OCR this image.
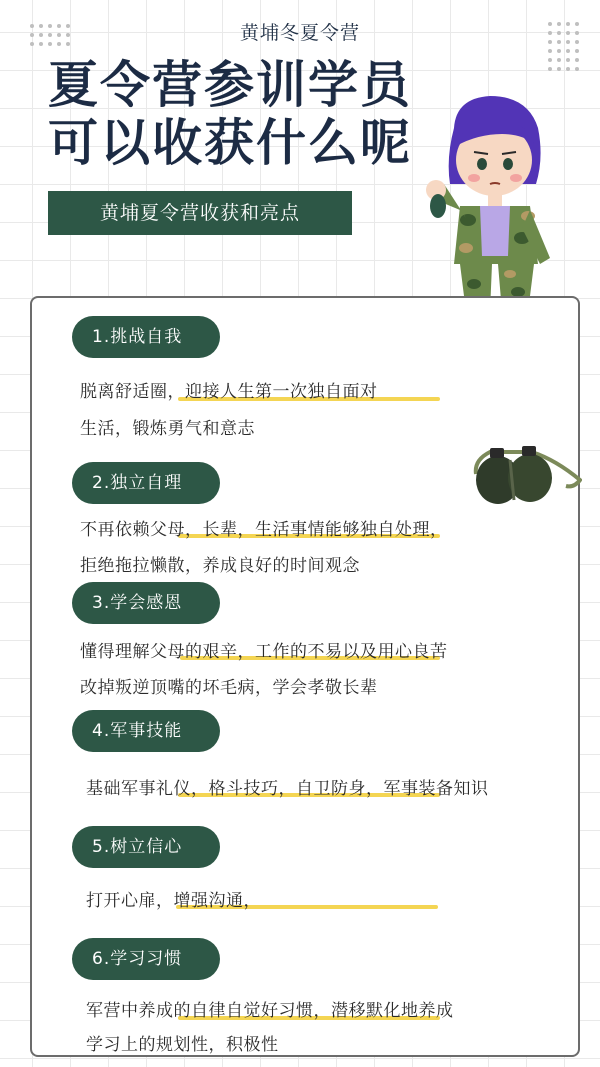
黄埔冬夏令营
夏令营参训学员
可以收获什么呢
黄埔夏令营收获和亮点
1.挑战自我
脱离舒适圈，迎接人生第一次独自面对
生活，锻炼勇气和意志
2.独立自理
不再依赖父母，长辈，生活事情能够独自处理，
拒绝拖拉懒散，养成良好的时间观念
3.学会感恩
懂得理解父母的艰辛，工作的不易以及用心良苦
改掉叛逆顶嘴的坏毛病，学会孝敬长辈
4.军事技能
基础军事礼仪，格斗技巧，自卫防身，军事装备知识
5.树立信心
打开心扉，增强沟通，
6.学习习惯
军营中养成的自律自觉好习惯，潜移默化地养成
学习上的规划性，积极性
